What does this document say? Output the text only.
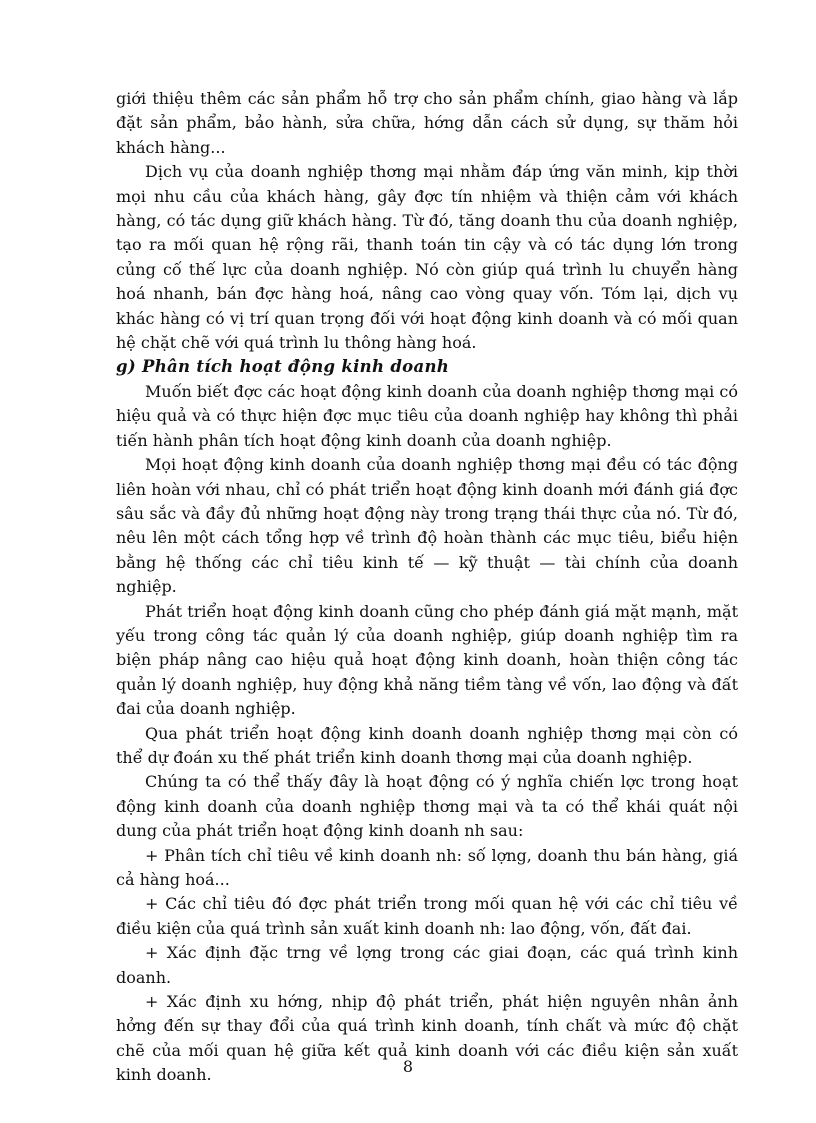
giới thiệu thêm các sản phẩm hỗ trợ cho sản phẩm chính, giao hàng và lắp đặt sản phẩm, bảo hành, sửa chữa, hớng dẫn cách sử dụng, sự thăm hỏi khách hàng...

Dịch vụ của doanh nghiệp thơng mại nhằm đáp ứng văn minh, kịp thời mọi nhu cầu của khách hàng, gây đợc tín nhiệm và thiện cảm với khách hàng, có tác dụng giữ khách hàng. Từ đó, tăng doanh thu của doanh nghiệp, tạo ra mối quan hệ rộng rãi, thanh toán tin cậy và có tác dụng lớn trong củng cố thế lực của doanh nghiệp. Nó còn giúp quá trình lu chuyển hàng hoá nhanh, bán đợc hàng hoá, nâng cao vòng quay vốn. Tóm lại, dịch vụ khác hàng có vị trí quan trọng đối với hoạt động kinh doanh và có mối quan hệ chặt chẽ với quá trình lu thông hàng hoá.

g) Phân tích hoạt động kinh doanh

Muốn biết đợc các hoạt động kinh doanh của doanh nghiệp thơng mại có hiệu quả và có thực hiện đợc mục tiêu của doanh nghiệp hay không thì phải tiến hành phân tích hoạt động kinh doanh của doanh nghiệp.

Mọi hoạt động kinh doanh của doanh nghiệp thơng mại đều có tác động liên hoàn với nhau, chỉ có phát triển hoạt động kinh doanh mới đánh giá đợc sâu sắc và đầy đủ những hoạt động này trong trạng thái thực của nó. Từ đó, nêu lên một cách tổng hợp về trình độ hoàn thành các mục tiêu, biểu hiện bằng hệ thống các chỉ tiêu kinh tế — kỹ thuật — tài chính của doanh nghiệp.

Phát triển hoạt động kinh doanh cũng cho phép đánh giá mặt mạnh, mặt yếu trong công tác quản lý của doanh nghiệp, giúp doanh nghiệp tìm ra biện pháp nâng cao hiệu quả hoạt động kinh doanh, hoàn thiện công tác quản lý doanh nghiệp, huy động khả năng tiềm tàng về vốn, lao động và đất đai của doanh nghiệp.

Qua phát triển hoạt động kinh doanh doanh nghiệp thơng mại còn có thể dự đoán xu thế phát triển kinh doanh thơng mại của doanh nghiệp.

Chúng ta có thể thấy đây là hoạt động có ý nghĩa chiến lợc trong hoạt động kinh doanh của doanh nghiệp thơng mại và ta có thể khái quát nội dung của phát triển hoạt động kinh doanh nh sau:

+ Phân tích chỉ tiêu về kinh doanh nh: số lợng, doanh thu bán hàng, giá cả hàng hoá...

+ Các chỉ tiêu đó đợc phát triển trong mối quan hệ với các chỉ tiêu về điều kiện của quá trình sản xuất kinh doanh nh: lao động, vốn, đất đai.

+ Xác định đặc trng về lợng trong các giai đoạn, các quá trình kinh doanh.

+ Xác định xu hớng, nhịp độ phát triển, phát hiện nguyên nhân ảnh hởng đến sự thay đổi của quá trình kinh doanh, tính chất và mức độ chặt chẽ của mối quan hệ giữa kết quả kinh doanh với các điều kiện sản xuất kinh doanh.	8
